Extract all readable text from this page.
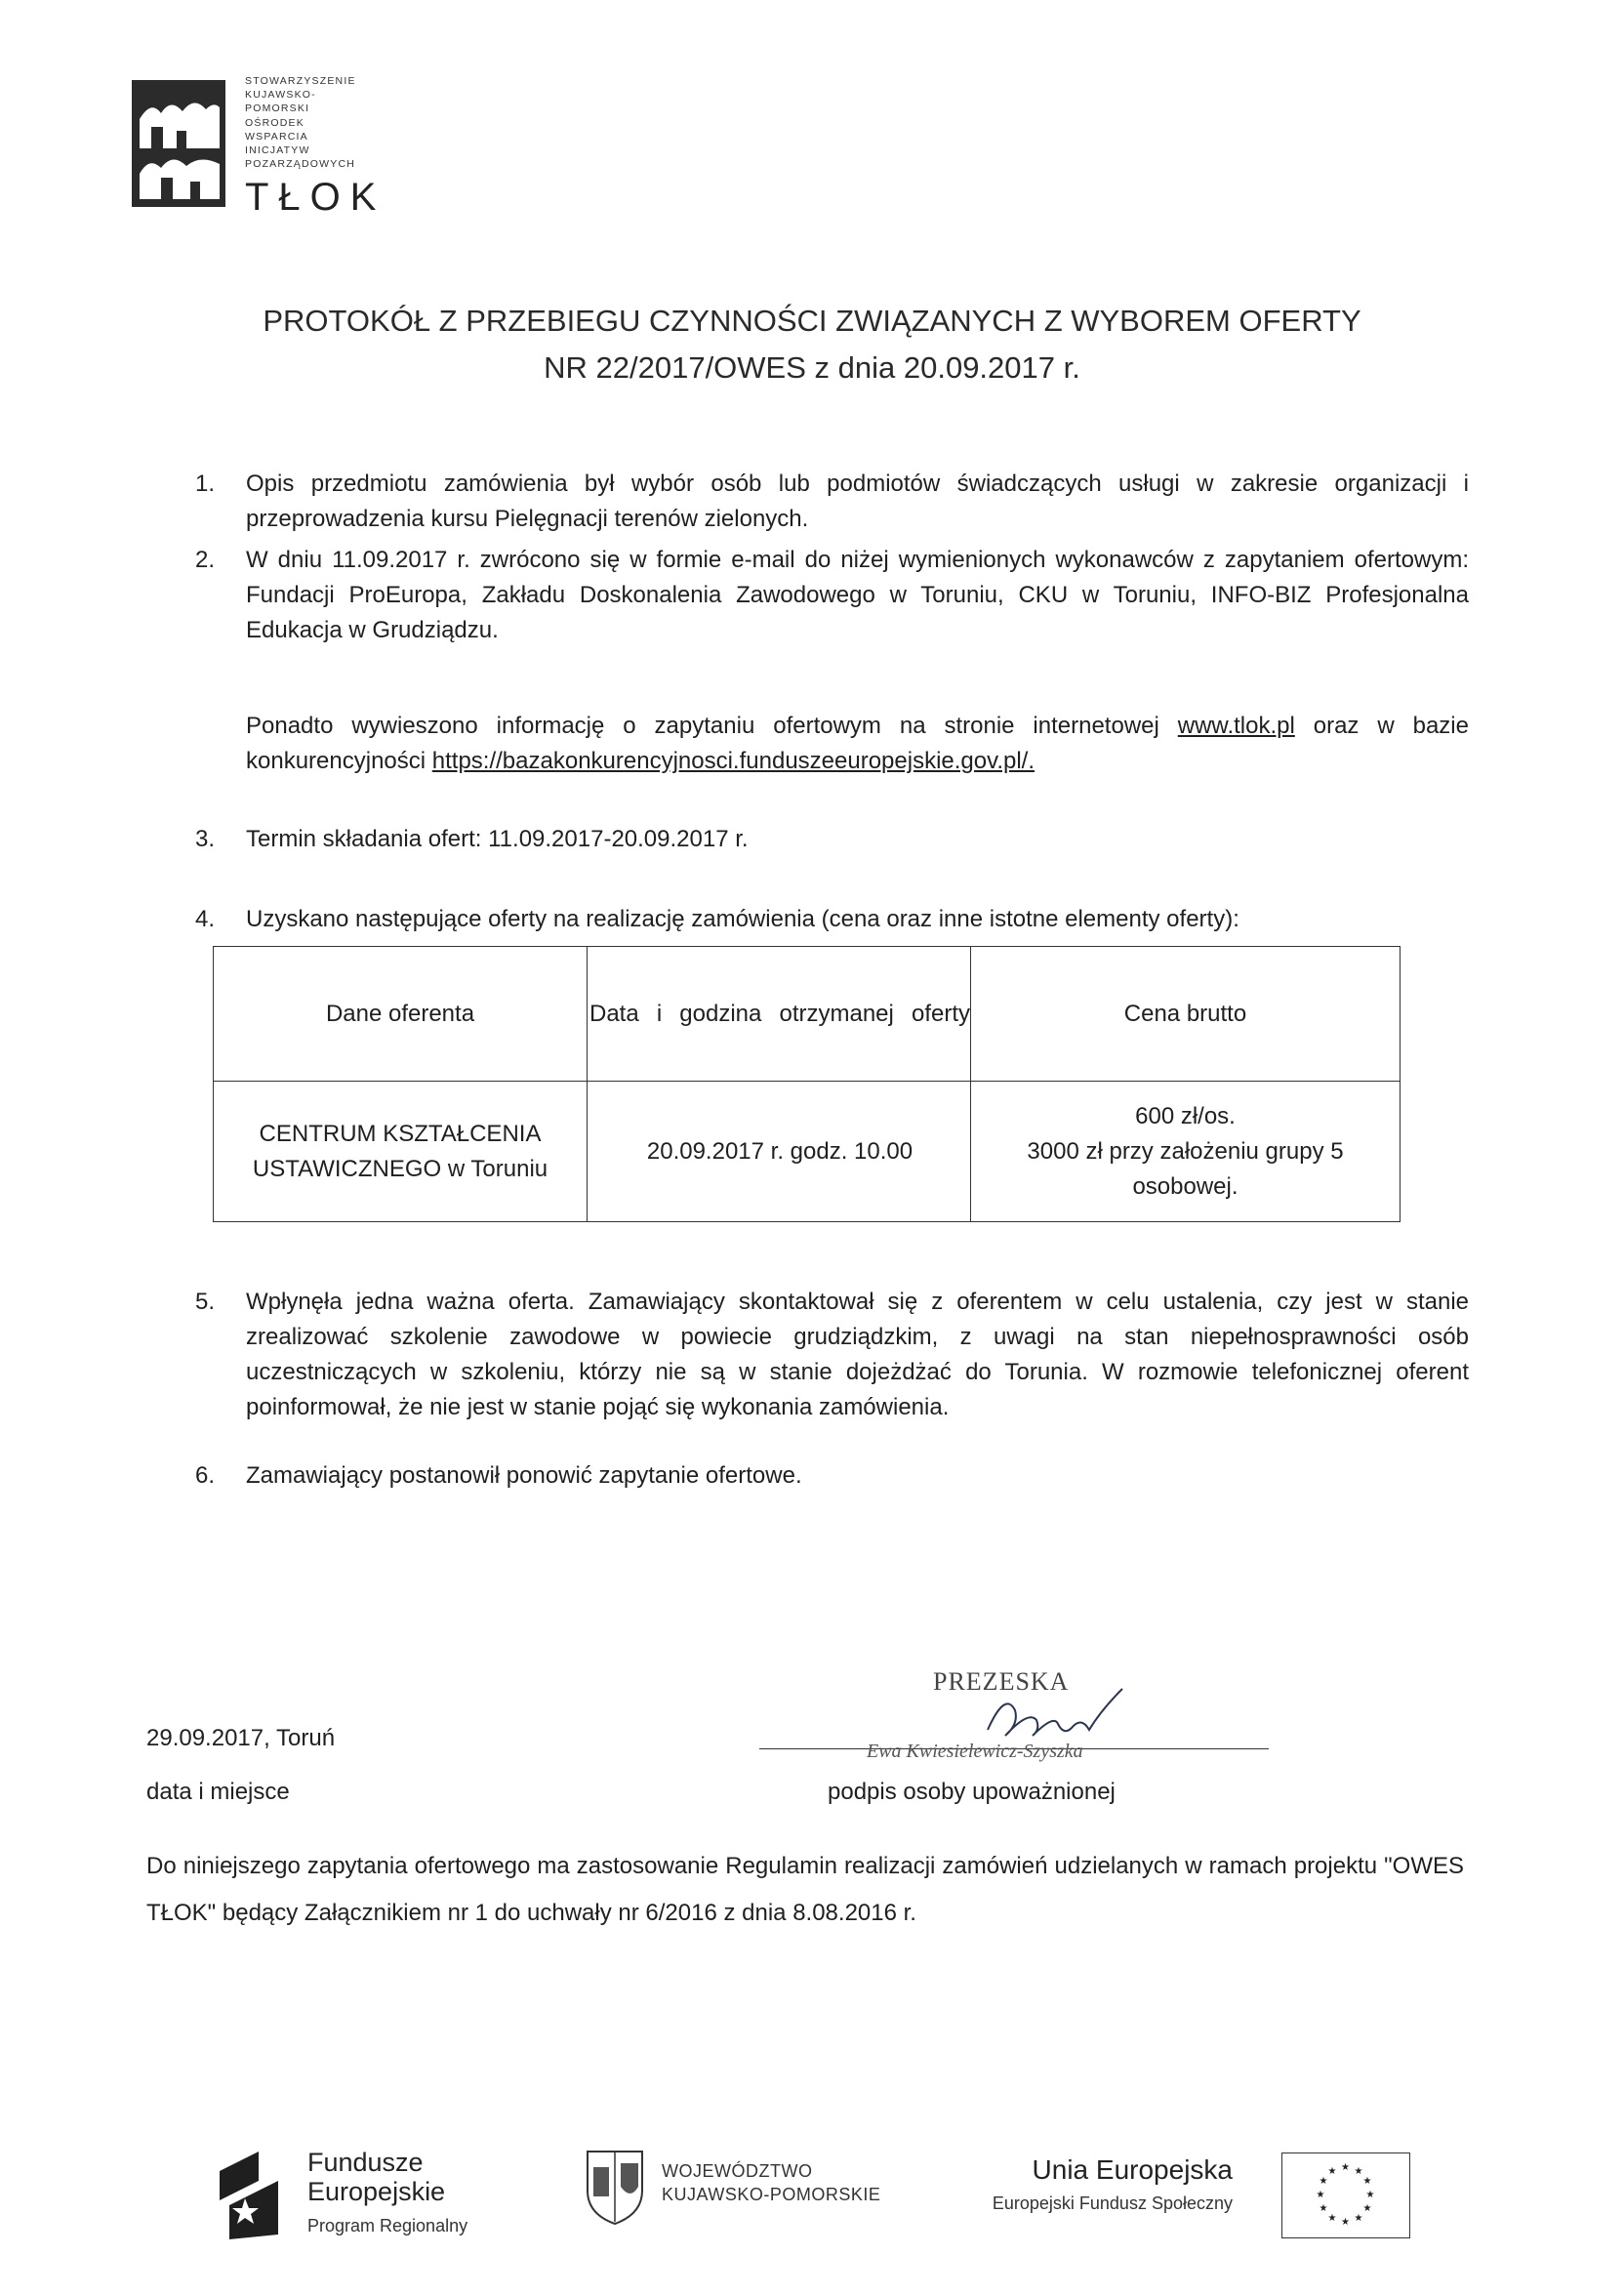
STOWARZYSZENIE
KUJAWSKO-
POMORSKI
OŚRODEK
WSPARCIA
INICJATYW
POZARZĄDOWYCH
TŁOK
PROTOKÓŁ Z PRZEBIEGU CZYNNOŚCI ZWIĄZANYCH Z WYBOREM OFERTY
NR 22/2017/OWES z dnia 20.09.2017 r.
1.	Opis przedmiotu zamówienia był wybór osób lub podmiotów świadczących usługi w zakresie organizacji i przeprowadzenia kursu Pielęgnacji terenów zielonych.
2.	W dniu 11.09.2017 r. zwrócono się w formie e-mail do niżej wymienionych wykonawców z zapytaniem ofertowym: Fundacji ProEuropa, Zakładu Doskonalenia Zawodowego w Toruniu, CKU w Toruniu, INFO-BIZ Profesjonalna Edukacja w Grudziądzu.
Ponadto wywieszono informację o zapytaniu ofertowym na stronie internetowej www.tlok.pl oraz w bazie konkurencyjności https://bazakonkurencyjnosci.funduszeeuropejskie.gov.pl/.
3.	Termin składania ofert: 11.09.2017-20.09.2017 r.
4.	Uzyskano następujące oferty na realizację zamówienia (cena oraz inne istotne elementy oferty):
Dane oferenta	Data i godzina otrzymanej oferty	Cena brutto
CENTRUM KSZTAŁCENIA USTAWICZNEGO w Toruniu	20.09.2017 r. godz. 10.00	600 zł/os.
3000 zł przy założeniu grupy 5 osobowej.
5.	Wpłynęła jedna ważna oferta. Zamawiający skontaktował się z oferentem w celu ustalenia, czy jest w stanie zrealizować szkolenie zawodowe w powiecie grudziądzkim, z uwagi na stan niepełnosprawności osób uczestniczących w szkoleniu, którzy nie są w stanie dojeżdżać do Torunia. W rozmowie telefonicznej oferent poinformował, że nie jest w stanie pojąć się wykonania zamówienia.
6.	Zamawiający postanowił ponowić zapytanie ofertowe.
29.09.2017, Toruń
data i miejsce
PREZESKA
Ewa Kwiesielewicz-Szyszka
podpis osoby upoważnionej
Do niniejszego zapytania ofertowego ma zastosowanie Regulamin realizacji zamówień udzielanych w ramach projektu "OWES TŁOK" będący Załącznikiem nr 1 do uchwały nr 6/2016 z dnia 8.08.2016 r.
Fundusze
Europejskie
Program Regionalny
WOJEWÓDZTWO
KUJAWSKO-POMORSKIE
Unia Europejska
Europejski Fundusz Społeczny
★ ★
★
★
★
★
★
★
★
★
★
★
